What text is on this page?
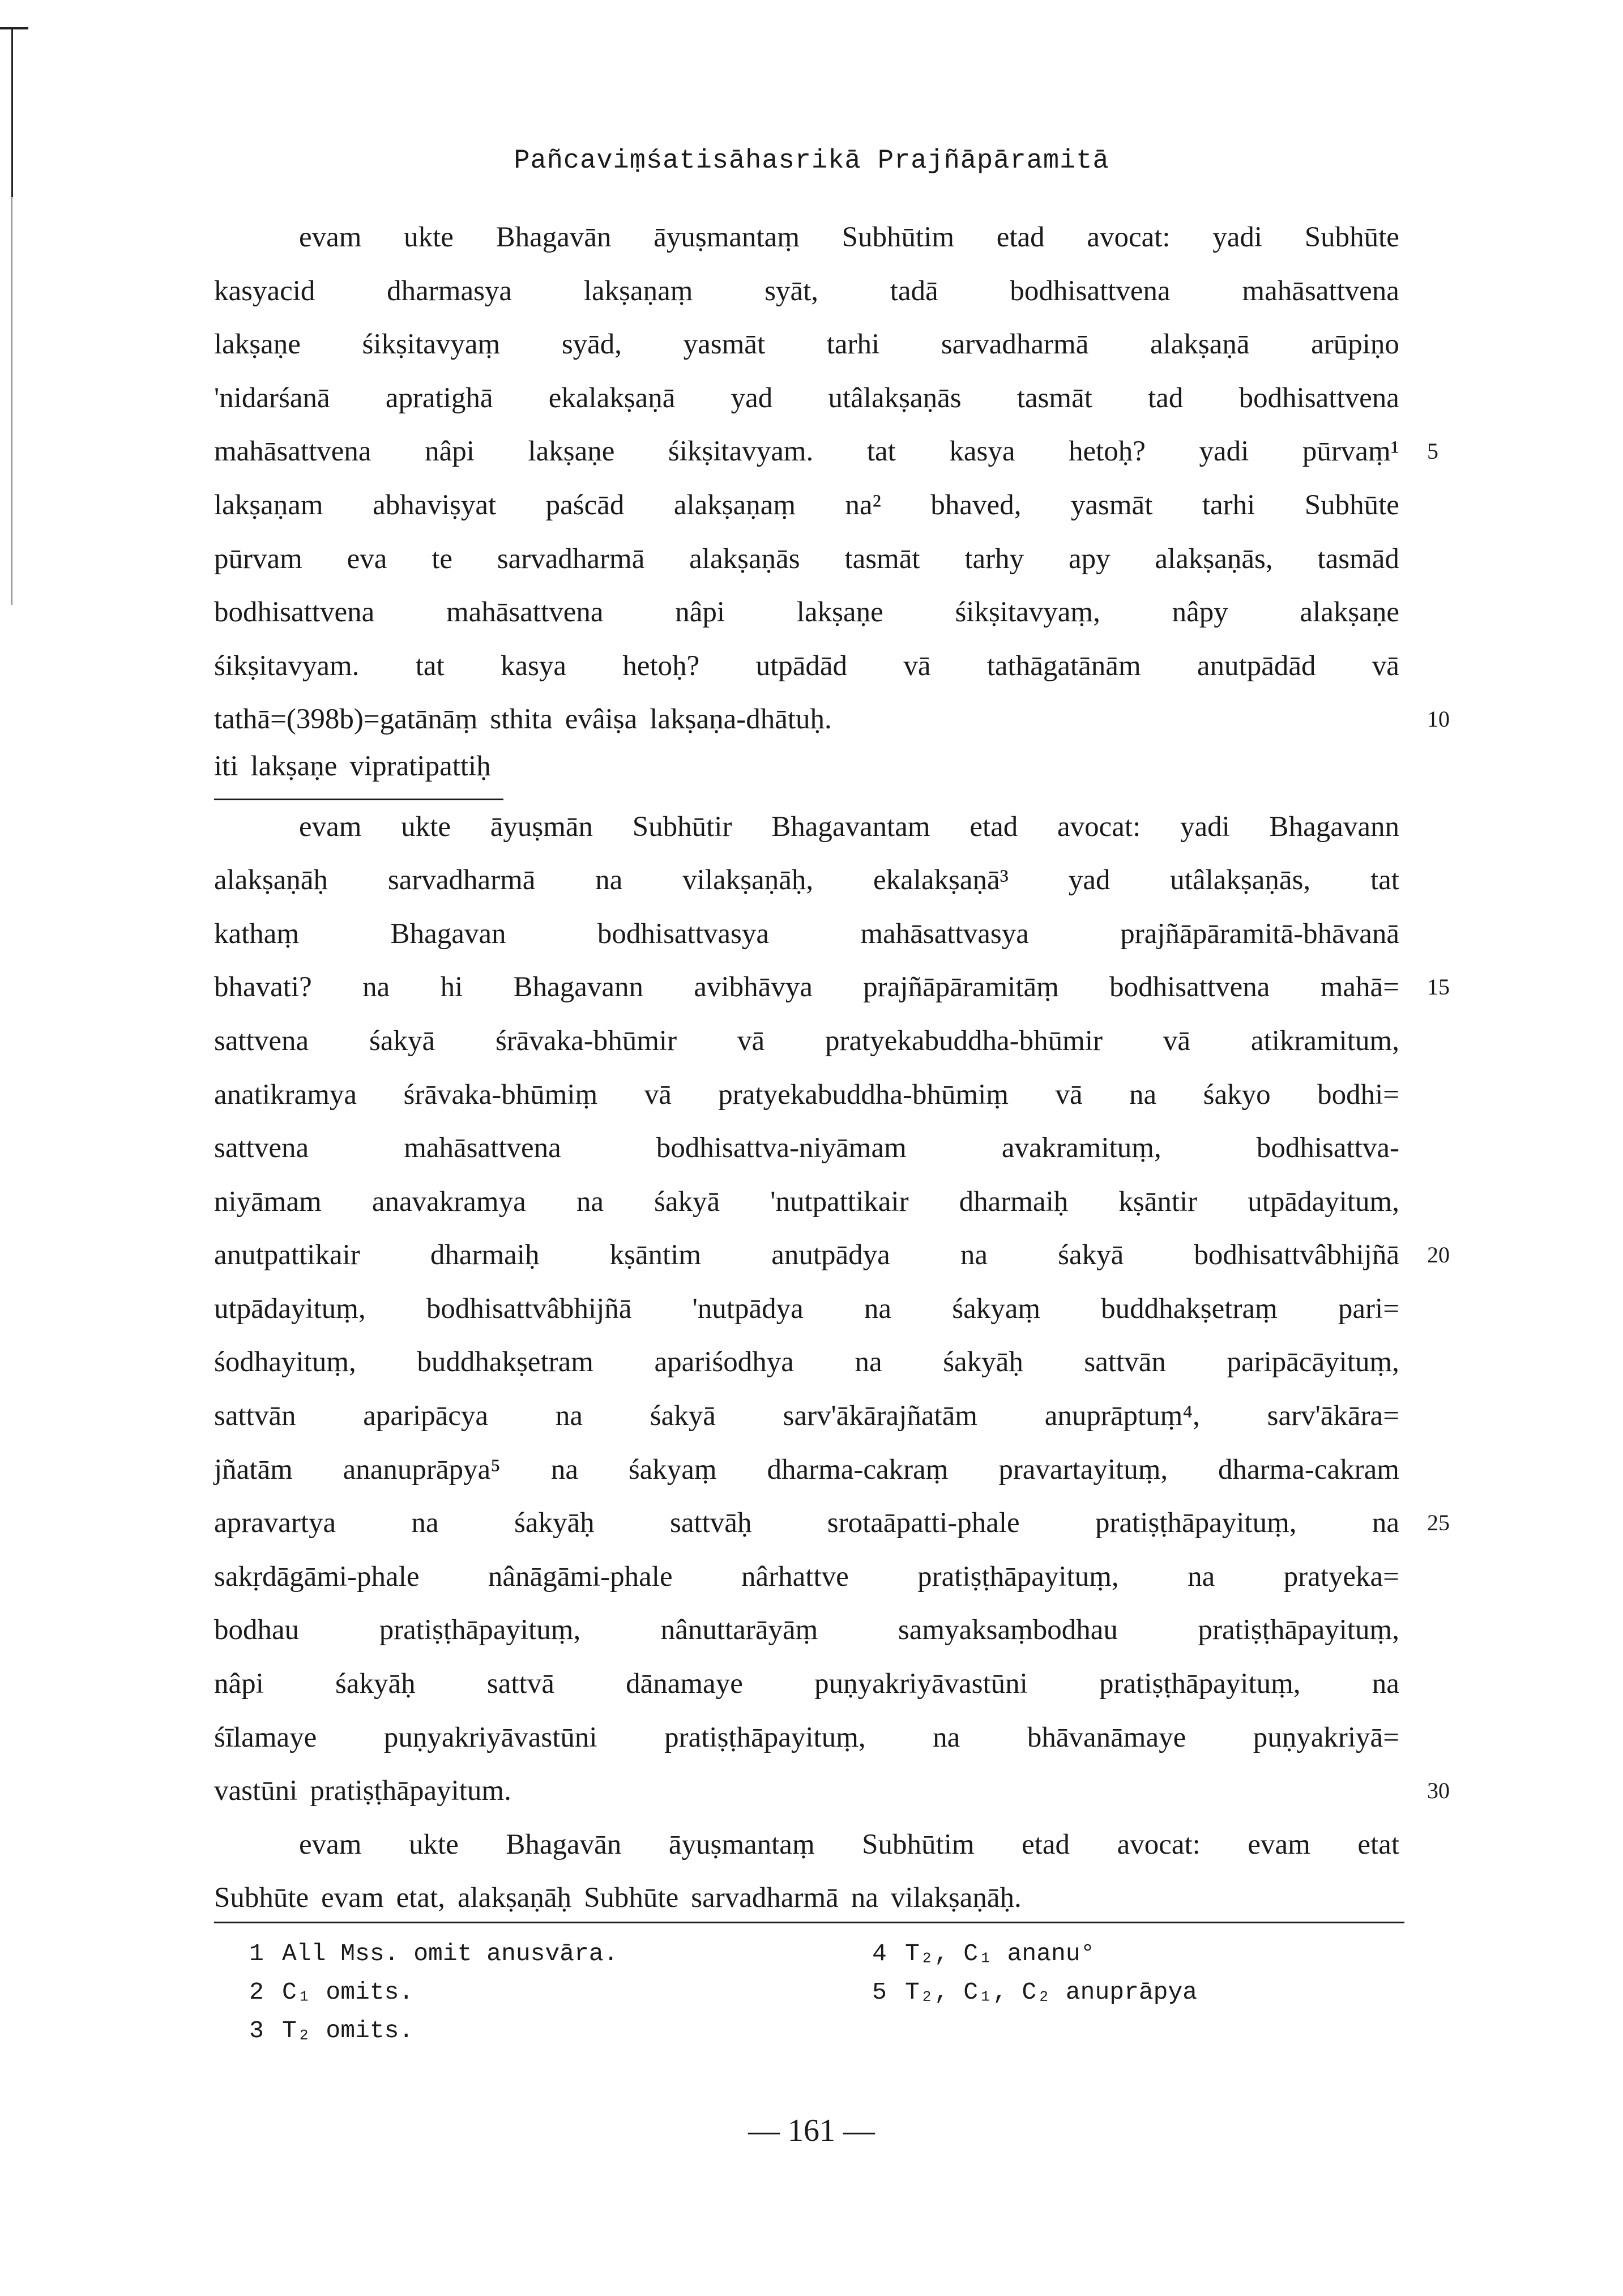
Pañcaviṃśatisāhasrikā Prajñāpāramitā
evam ukte Bhagavān āyuṣmantaṃ Subhūtim etad avocat: yadi Subhūte
kasyacid dharmasya lakṣaṇaṃ syāt, tadā bodhisattvena mahāsattvena
lakṣaṇe śikṣitavyaṃ syād, yasmāt tarhi sarvadharmā alakṣaṇā arūpiṇo
'nidarśanā apratighā ekalakṣaṇā yad utâlakṣaṇās tasmāt tad bodhisattvena
mahāsattvena nâpi lakṣaṇe śikṣitavyam. tat kasya hetoḥ? yadi pūrvaṃ¹ 5
lakṣaṇam abhaviṣyat paścād alakṣaṇaṃ na² bhaved, yasmāt tarhi Subhūte
pūrvam eva te sarvadharmā alakṣaṇās tasmāt tarhy apy alakṣaṇās, tasmād
bodhisattvena mahāsattvena nâpi lakṣaṇe śikṣitavyaṃ, nâpy alakṣaṇe
śikṣitavyam. tat kasya hetoḥ? utpādād vā tathāgatānām anutpādād vā
tathā=(398b)=gatānāṃ sthita evâiṣa lakṣaṇa-dhātuḥ.	10
iti lakṣaṇe vipratipattiḥ
evam ukte āyuṣmān Subhūtir Bhagavantam etad avocat: yadi Bhagavann
alakṣaṇāḥ sarvadharmā na vilakṣaṇāḥ, ekalakṣaṇā³ yad utâlakṣaṇās, tat
kathaṃ	Bhagavan	bodhisattvasya	mahāsattvasya	prajñāpāramitā-bhāvanā
bhavati? na hi Bhagavann avibhāvya prajñāpāramitāṃ bodhisattvena mahā= 15
sattvena śakyā śrāvaka-bhūmir vā pratyekabuddha-bhūmir vā atikramitum,
anatikramya śrāvaka-bhūmiṃ vā pratyekabuddha-bhūmiṃ vā na śakyo bodhi=
sattvena	mahāsattvena	bodhisattva-niyāmam	avakramituṃ,	bodhisattva-
niyāmam anavakramya na śakyā 'nutpattikair dharmaiḥ kṣāntir utpādayitum,
anutpattikair dharmaiḥ kṣāntim anutpādya na śakyā bodhisattvâbhijñā 20
utpādayituṃ, bodhisattvâbhijñā 'nutpādya na śakyaṃ buddhakṣetraṃ pari=
śodhayituṃ, buddhakṣetram apariśodhya na śakyāḥ sattvān paripācāyituṃ,
sattvān aparipācya na śakyā sarv'ākārajñatām anuprāptuṃ⁴, sarv'ākāra=
jñatām ananuprāpya⁵ na śakyaṃ dharma-cakraṃ pravartayituṃ, dharma-cakram
apravartya	na	śakyāḥ	sattvāḥ	srotaāpatti-phale	pratiṣṭhāpayituṃ,	na 25
sakṛdāgāmi-phale nânāgāmi-phale nârhattve pratiṣṭhāpayituṃ, na pratyeka=
bodhau	pratiṣṭhāpayituṃ,	nânuttarāyāṃ	samyaksaṃbodhau	pratiṣṭhāpayituṃ,
nâpi śakyāḥ sattvā dānamaye puṇyakriyāvastūni pratiṣṭhāpayituṃ, na
śīlamaye puṇyakriyāvastūni pratiṣṭhāpayituṃ, na bhāvanāmaye puṇyakriyā=
vastūni pratiṣṭhāpayitum.	30
evam ukte Bhagavān āyuṣmantaṃ Subhūtim etad avocat: evam etat
Subhūte evam etat, alakṣaṇāḥ Subhūte sarvadharmā na vilakṣaṇāḥ.
1 All Mss. omit anusvāra.
2 C₁ omits.
3 T₂ omits.
4 T₂, C₁ ananu°
5 T₂, C₁, C₂ anuprāpya
— 161 —
